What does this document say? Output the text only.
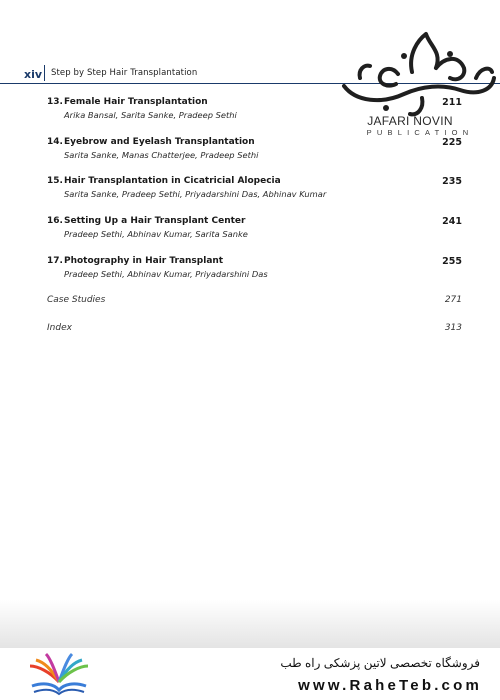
xiv Step by Step Hair Transplantation
JAFARI NOVIN
PUBLICATION
13.Female Hair Transplantation	211
Arika Bansal, Sarita Sanke, Pradeep Sethi
14.Eyebrow and Eyelash Transplantation	225
Sarita Sanke, Manas Chatterjee, Pradeep Sethi
15.Hair Transplantation in Cicatricial Alopecia	235
Sarita Sanke, Pradeep Sethi, Priyadarshini Das, Abhinav Kumar
16.Setting Up a Hair Transplant Center	241
Pradeep Sethi, Abhinav Kumar, Sarita Sanke
17.Photography in Hair Transplant	255
Pradeep Sethi, Abhinav Kumar, Priyadarshini Das
Case Studies	271
Index	313
فروشگاه تخصصی لاتین پزشکی راه طب
www.RaheTeb.com
